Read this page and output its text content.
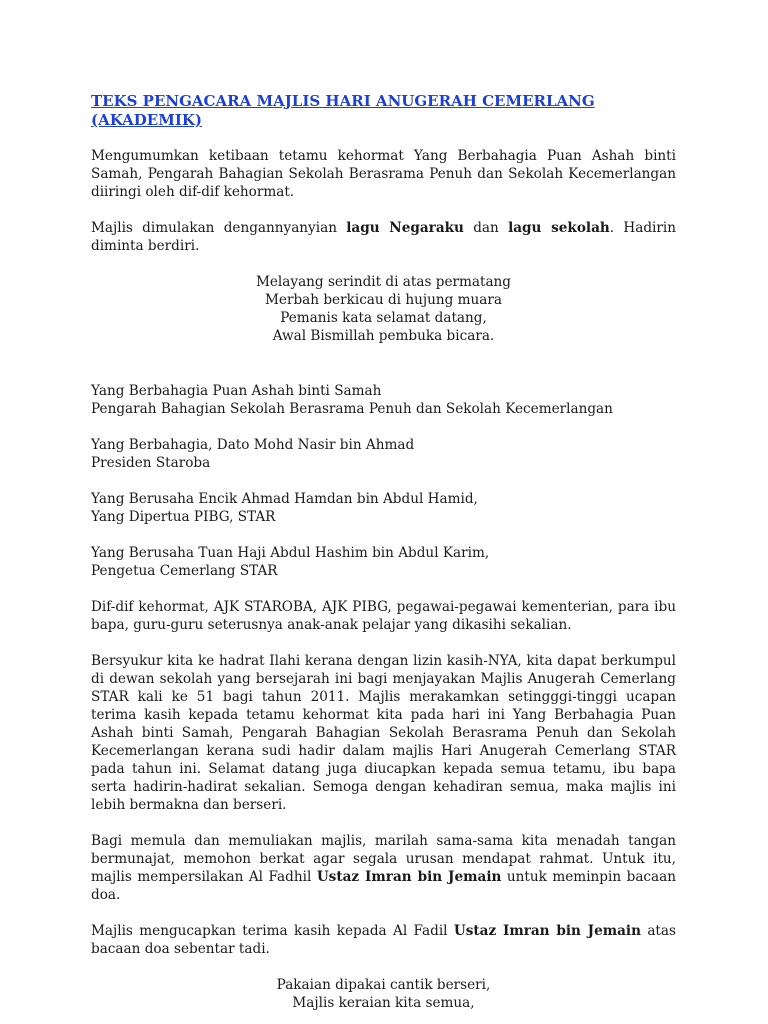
TEKS PENGACARA MAJLIS HARI ANUGERAH CEMERLANG
(AKADEMIK)

Mengumumkan ketibaan tetamu kehormat Yang Berbahagia Puan Ashah binti Samah, Pengarah Bahagian Sekolah Berasrama Penuh dan Sekolah Kecemerlangan diiringi oleh dif-dif kehormat.

Majlis dimulakan dengannyanyian lagu Negaraku dan lagu sekolah. Hadirin diminta berdiri.

Melayang serindit di atas permatang
Merbah berkicau di hujung muara
Pemanis kata selamat datang,
Awal Bismillah pembuka bicara.
Yang Berbahagia Puan Ashah binti Samah
Pengarah Bahagian Sekolah Berasrama Penuh dan Sekolah Kecemerlangan
Yang Berbahagia, Dato Mohd Nasir bin Ahmad
Presiden Staroba
Yang Berusaha Encik Ahmad Hamdan bin Abdul Hamid,
Yang Dipertua PIBG, STAR
Yang Berusaha Tuan Haji Abdul Hashim bin Abdul Karim,
Pengetua Cemerlang STAR

Dif-dif kehormat, AJK STAROBA, AJK PIBG, pegawai-pegawai kementerian, para ibu bapa, guru-guru seterusnya anak-anak pelajar yang dikasihi sekalian.

Bersyukur kita ke hadrat Ilahi kerana dengan lizin kasih-NYA, kita dapat berkumpul di dewan sekolah yang bersejarah ini bagi menjayakan Majlis Anugerah Cemerlang STAR kali ke 51 bagi tahun 2011. Majlis merakamkan setingggi-tinggi ucapan terima kasih kepada tetamu kehormat kita pada hari ini Yang Berbahagia Puan Ashah binti Samah, Pengarah Bahagian Sekolah Berasrama Penuh dan Sekolah Kecemerlangan kerana sudi hadir dalam majlis Hari Anugerah Cemerlang STAR pada tahun ini. Selamat datang juga diucapkan kepada semua tetamu, ibu bapa serta hadirin-hadirat sekalian. Semoga dengan kehadiran semua, maka majlis ini lebih bermakna dan berseri.

Bagi memula dan memuliakan majlis, marilah sama-sama kita menadah tangan bermunajat, memohon berkat agar segala urusan mendapat rahmat. Untuk itu, majlis mempersilakan Al Fadhil Ustaz Imran bin Jemain untuk meminpin bacaan doa.

Majlis mengucapkan terima kasih kepada Al Fadil Ustaz Imran bin Jemain atas bacaan doa sebentar tadi.

Pakaian dipakai cantik berseri,
Majlis keraian kita semua,
